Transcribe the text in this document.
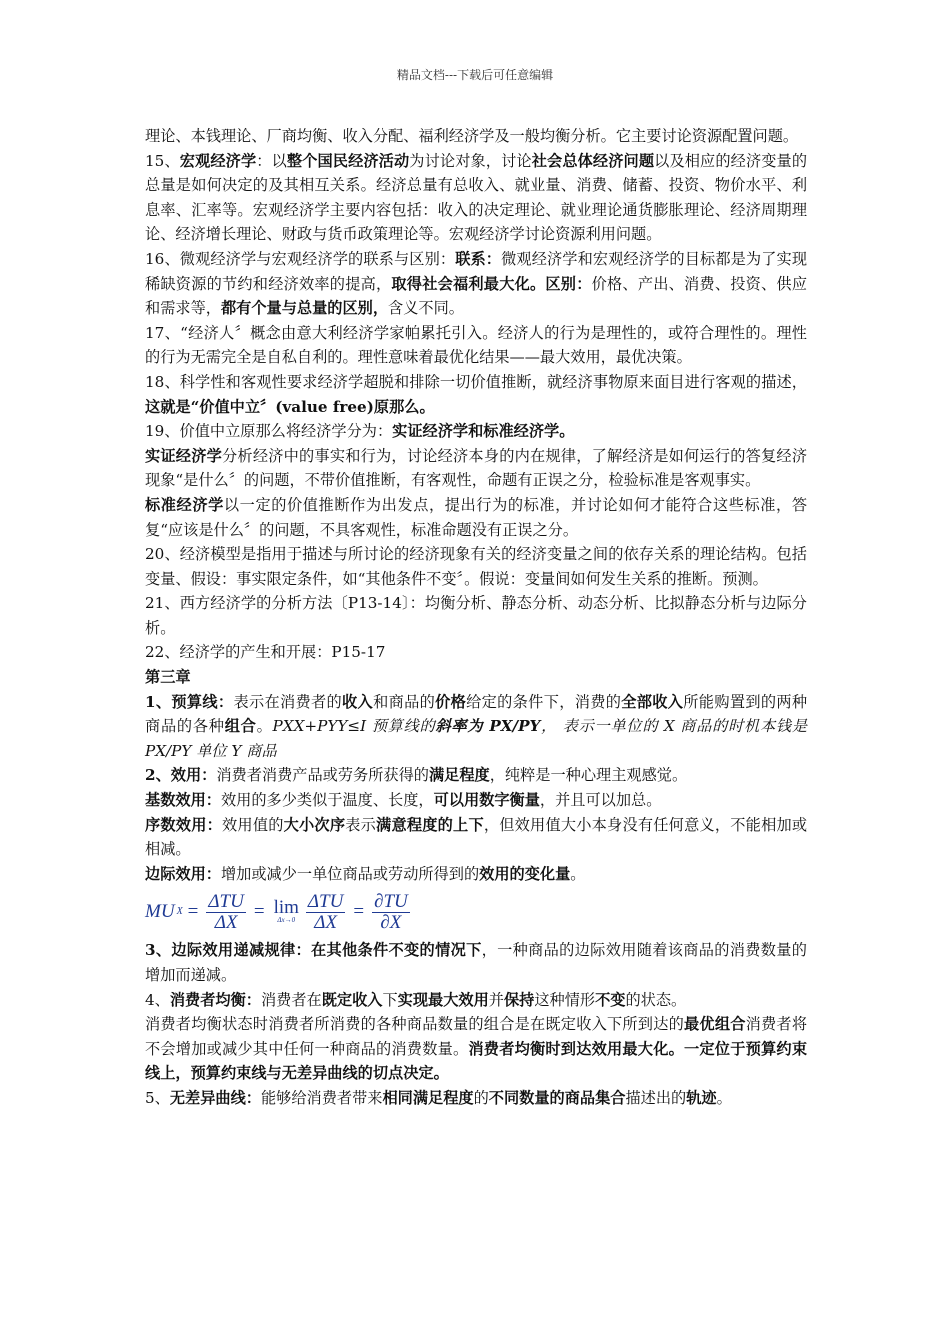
精品文档---下载后可任意编辑

理论、本钱理论、厂商均衡、收入分配、福利经济学及一般均衡分析。它主要讨论资源配置问题。

15、宏观经济学：以整个国民经济活动为讨论对象，讨论社会总体经济问题以及相应的经济变量的总量是如何决定的及其相互关系。经济总量有总收入、就业量、消费、储蓄、投资、物价水平、利息率、汇率等。宏观经济学主要内容包括：收入的决定理论、就业理论通货膨胀理论、经济周期理论、经济增长理论、财政与货币政策理论等。宏观经济学讨论资源利用问题。

16、微观经济学与宏观经济学的联系与区别：联系：微观经济学和宏观经济学的目标都是为了实现稀缺资源的节约和经济效率的提高，取得社会福利最大化。区别：价格、产出、消费、投资、供应和需求等，都有个量与总量的区别，含义不同。

17、“经济人〞概念由意大利经济学家帕累托引入。经济人的行为是理性的，或符合理性的。理性的行为无需完全是自私自利的。理性意味着最优化结果——最大效用，最优决策。

18、科学性和客观性要求经济学超脱和排除一切价值推断，就经济事物原来面目进行客观的描述，这就是“价值中立〞(value free)原那么。

19、价值中立原那么将经济学分为：实证经济学和标准经济学。

实证经济学分析经济中的事实和行为，讨论经济本身的内在规律，了解经济是如何运行的答复经济现象“是什么〞的问题，不带价值推断，有客观性，命题有正误之分，检验标准是客观事实。

标准经济学以一定的价值推断作为出发点，提出行为的标准，并讨论如何才能符合这些标准，答复“应该是什么〞的问题，不具客观性，标准命题没有正误之分。

20、经济模型是指用于描述与所讨论的经济现象有关的经济变量之间的依存关系的理论结构。包括变量、假设：事实限定条件，如“其他条件不变〞。假说：变量间如何发生关系的推断。预测。

21、西方经济学的分析方法〔P13-14〕：均衡分析、静态分析、动态分析、比拟静态分析与边际分析。

22、经济学的产生和开展：P15-17

第三章

1、预算线：表示在消费者的收入和商品的价格给定的条件下，消费的全部收入所能购置到的两种商品的各种组合。PXX+PYY≤I 预算线的斜率为 PX/PY， 表示一单位的 X 商品的时机本钱是 PX/PY 单位 Y 商品

2、效用：消费者消费产品或劳务所获得的满足程度，纯粹是一种心理主观感觉。

基数效用：效用的多少类似于温度、长度，可以用数字衡量，并且可以加总。

序数效用：效用值的大小次序表示满意程度的上下，但效用值大小本身没有任何意义，不能相加或相减。

边际效用：增加或减少一单位商品或劳动所得到的效用的变化量。

MU $X = \frac{\text{ΔTU}}{\Delta X} = \lim$
$\Delta x\to 0 \frac{\text{ΔTU}}{\Delta X} = \frac{\partial TU}{\partial X}$

3、边际效用递减规律：在其他条件不变的情况下，一种商品的边际效用随着该商品的消费数量的增加而递减。

4、消费者均衡：消费者在既定收入下实现最大效用并保持这种情形不变的状态。

消费者均衡状态时消费者所消费的各种商品数量的组合是在既定收入下所到达的最优组合消费者将不会增加或减少其中任何一种商品的消费数量。消费者均衡时到达效用最大化。一定位于预算约束线上，预算约束线与无差异曲线的切点决定。

5、无差异曲线：能够给消费者带来相同满足程度的不同数量的商品集合描述出的轨迹。
